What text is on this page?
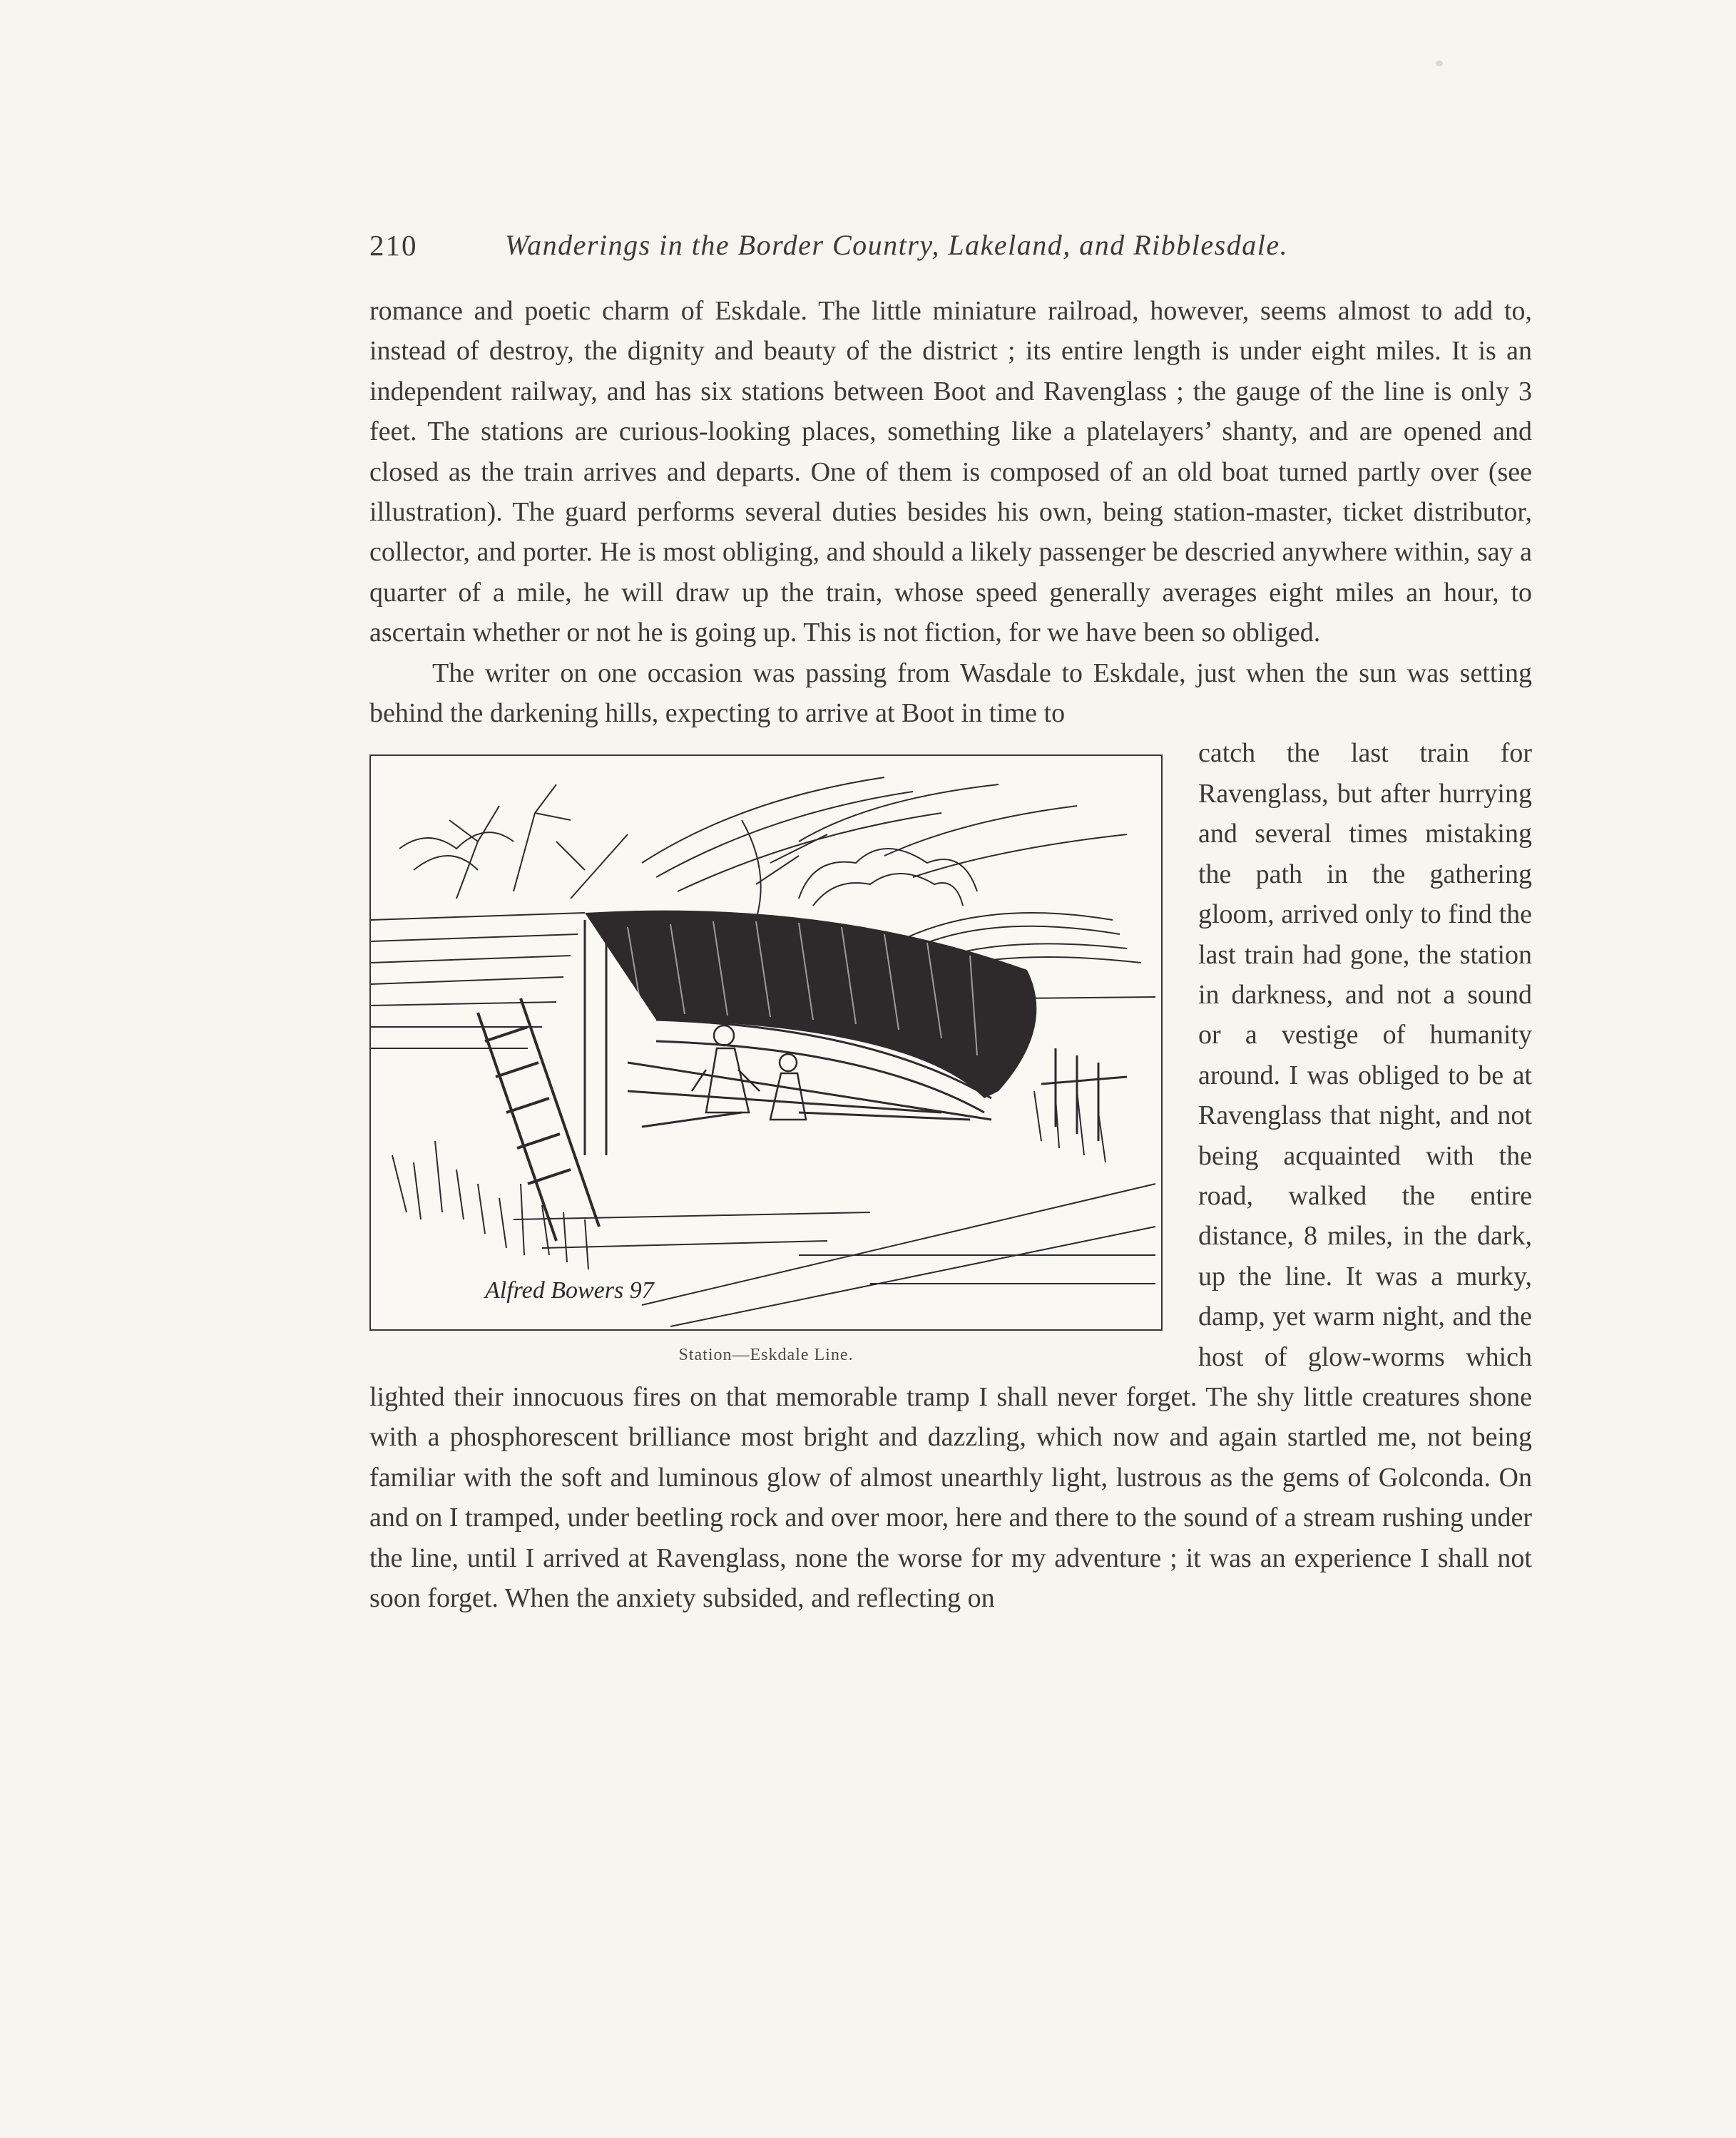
210	Wanderings in the Border Country, Lakeland, and Ribblesdale.

romance and poetic charm of Eskdale. The little miniature railroad, however, seems almost to add to, instead of destroy, the dignity and beauty of the district ; its entire length is under eight miles. It is an independent railway, and has six stations between Boot and Ravenglass ; the gauge of the line is only 3 feet. The stations are curious-looking places, something like a platelayers’ shanty, and are opened and closed as the train arrives and departs. One of them is composed of an old boat turned partly over (see illustration). The guard performs several duties besides his own, being station-master, ticket distributor, collector, and porter. He is most obliging, and should a likely passenger be descried anywhere within, say a quarter of a mile, he will draw up the train, whose speed generally averages eight miles an hour, to ascertain whether or not he is going up. This is not fiction, for we have been so obliged.

The writer on one occasion was passing from Wasdale to Eskdale, just when the sun was setting behind the darkening hills, expecting to arrive at Boot in time to

Alfred Bowers 97
Station—Eskdale Line.

catch the last train for Ravenglass, but after hurrying and several times mistaking the path in the gathering gloom, arrived only to find the last train had gone, the station in darkness, and not a sound or a vestige of humanity around. I was obliged to be at Ravenglass that night, and not being acquainted with the road, walked the entire distance, 8 miles, in the dark, up the line. It was a murky, damp, yet warm night, and the host of glow-worms which lighted their innocuous fires on that memorable tramp I shall never forget. The shy little creatures shone with a phosphorescent brilliance most bright and dazzling, which now and again startled me, not being familiar with the soft and luminous glow of almost unearthly light, lustrous as the gems of Golconda. On and on I tramped, under beetling rock and over moor, here and there to the sound of a stream rushing under the line, until I arrived at Ravenglass, none the worse for my adventure ; it was an experience I shall not soon forget. When the anxiety subsided, and reflecting on
